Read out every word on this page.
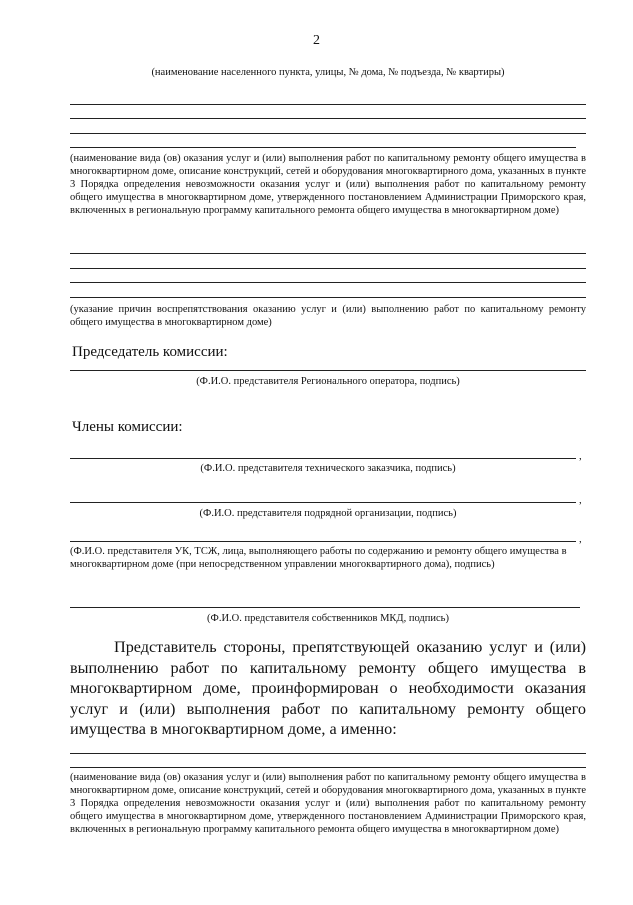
2
(наименование населенного пункта, улицы, № дома, № подъезда, № квартиры)
(наименование вида (ов) оказания услуг и (или) выполнения работ по капитальному ремонту общего имущества в многоквартирном доме, описание конструкций, сетей и оборудования многоквартирного дома, указанных в пункте 3 Порядка определения невозможности оказания услуг и (или) выполнения работ по капитальному ремонту общего имущества в многоквартирном доме, утвержденного постановлением Администрации Приморского края, включенных в региональную программу капитального ремонта общего имущества в многоквартирном доме)
(указание причин воспрепятствования оказанию услуг и (или) выполнению работ по капитальному ремонту общего имущества в многоквартирном доме)
Председатель комиссии:
(Ф.И.О. представителя Регионального оператора, подпись)
Члены комиссии:
,
(Ф.И.О. представителя технического заказчика, подпись)
,
(Ф.И.О. представителя подрядной организации, подпись)
,
(Ф.И.О. представителя УК, ТСЖ, лица, выполняющего работы по содержанию и ремонту общего имущества в многоквартирном доме (при непосредственном управлении многоквартирного дома), подпись)
(Ф.И.О. представителя собственников МКД, подпись)
Представитель стороны, препятствующей оказанию услуг и (или) выполнению работ по капитальному ремонту общего имущества в многоквартирном доме, проинформирован о необходимости оказания услуг и (или) выполнения работ по капитальному ремонту общего имущества в многоквартирном доме, а именно:
(наименование вида (ов) оказания услуг и (или) выполнения работ по капитальному ремонту общего имущества в многоквартирном доме, описание конструкций, сетей и оборудования многоквартирного дома, указанных в пункте 3 Порядка определения невозможности оказания услуг и (или) выполнения работ по капитальному ремонту общего имущества в многоквартирном доме, утвержденного постановлением Администрации Приморского края, включенных в региональную программу капитального ремонта общего имущества в многоквартирном доме)
